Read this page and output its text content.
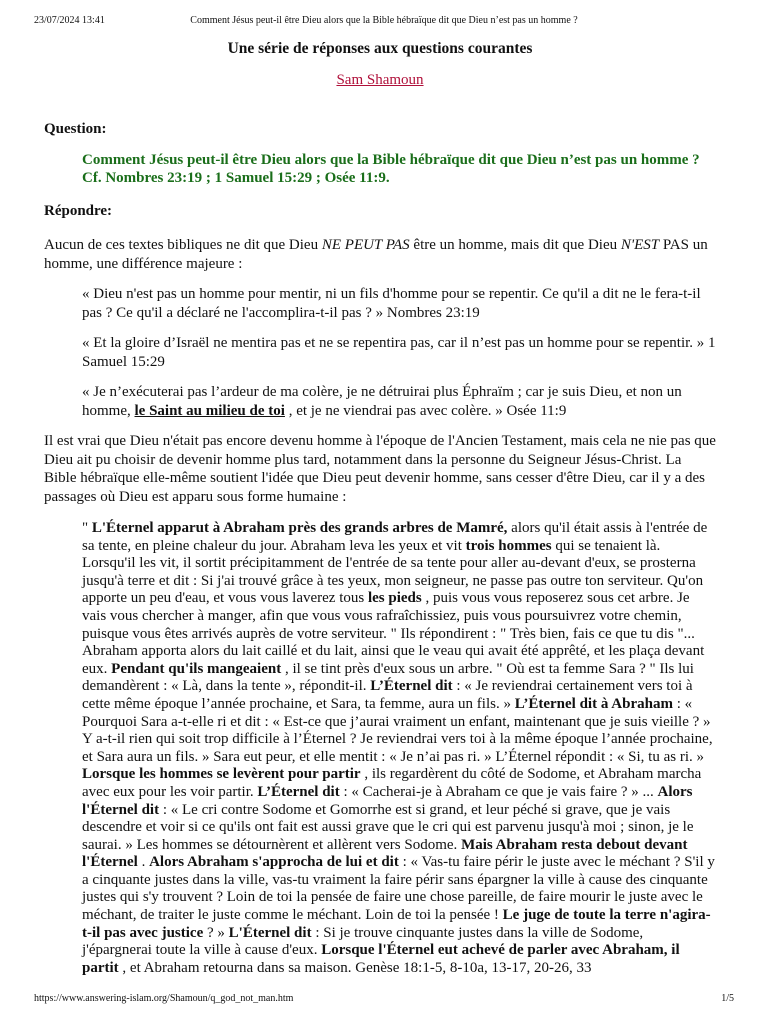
23/07/2024 13:41	Comment Jésus peut-il être Dieu alors que la Bible hébraïque dit que Dieu n’est pas un homme ?

Une série de réponses aux questions courantes

Sam Shamoun

Question:

Comment Jésus peut-il être Dieu alors que la Bible hébraïque dit que Dieu n’est pas un homme ? Cf. Nombres 23:19 ; 1 Samuel 15:29 ; Osée 11:9.

Répondre:

Aucun de ces textes bibliques ne dit que Dieu NE PEUT PAS être un homme, mais dit que Dieu N'EST PAS un homme, une différence majeure :

« Dieu n'est pas un homme pour mentir, ni un fils d'homme pour se repentir. Ce qu'il a dit ne le fera-t-il pas ? Ce qu'il a déclaré ne l'accomplira-t-il pas ? » Nombres 23:19

« Et la gloire d’Israël ne mentira pas et ne se repentira pas, car il n’est pas un homme pour se repentir. » 1 Samuel 15:29

« Je n’exécuterai pas l’ardeur de ma colère, je ne détruirai plus Éphraïm ; car je suis Dieu, et non un homme, le Saint au milieu de toi , et je ne viendrai pas avec colère. » Osée 11:9

Il est vrai que Dieu n'était pas encore devenu homme à l'époque de l'Ancien Testament, mais cela ne nie pas que Dieu ait pu choisir de devenir homme plus tard, notamment dans la personne du Seigneur Jésus-Christ. La Bible hébraïque elle-même soutient l'idée que Dieu peut devenir homme, sans cesser d'être Dieu, car il y a des passages où Dieu est apparu sous forme humaine :

" L'Éternel apparut à Abraham près des grands arbres de Mamré, alors qu'il était assis à l'entrée de sa tente, en pleine chaleur du jour. Abraham leva les yeux et vit trois hommes qui se tenaient là. Lorsqu'il les vit, il sortit précipitamment de l'entrée de sa tente pour aller au-devant d'eux, se prosterna jusqu'à terre et dit : Si j'ai trouvé grâce à tes yeux, mon seigneur, ne passe pas outre ton serviteur. Qu'on apporte un peu d'eau, et vous vous laverez tous les pieds , puis vous vous reposerez sous cet arbre. Je vais vous chercher à manger, afin que vous vous rafraîchissiez, puis vous poursuivrez votre chemin, puisque vous êtes arrivés auprès de votre serviteur. " Ils répondirent : " Très bien, fais ce que tu dis "... Abraham apporta alors du lait caillé et du lait, ainsi que le veau qui avait été apprêté, et les plaça devant eux. Pendant qu'ils mangeaient , il se tint près d'eux sous un arbre. " Où est ta femme Sara ? " Ils lui demandèrent : « Là, dans la tente », répondit-il. L’Éternel dit : « Je reviendrai certainement vers toi à cette même époque l’année prochaine, et Sara, ta femme, aura un fils. » L’Éternel dit à Abraham : « Pourquoi Sara a-t-elle ri et dit : « Est-ce que j’aurai vraiment un enfant, maintenant que je suis vieille ? » Y a-t-il rien qui soit trop difficile à l’Éternel ? Je reviendrai vers toi à la même époque l’année prochaine, et Sara aura un fils. » Sara eut peur, et elle mentit : « Je n’ai pas ri. » L’Éternel répondit : « Si, tu as ri. » Lorsque les hommes se levèrent pour partir , ils regardèrent du côté de Sodome, et Abraham marcha avec eux pour les voir partir. L’Éternel dit : « Cacherai-je à Abraham ce que je vais faire ? » ... Alors l'Éternel dit : « Le cri contre Sodome et Gomorrhe est si grand, et leur péché si grave, que je vais descendre et voir si ce qu'ils ont fait est aussi grave que le cri qui est parvenu jusqu'à moi ; sinon, je le saurai. » Les hommes se détournèrent et allèrent vers Sodome. Mais Abraham resta debout devant l'Éternel . Alors Abraham s'approcha de lui et dit : « Vas-tu faire périr le juste avec le méchant ? S'il y a cinquante justes dans la ville, vas-tu vraiment la faire périr sans épargner la ville à cause des cinquante justes qui s'y trouvent ? Loin de toi la pensée de faire une chose pareille, de faire mourir le juste avec le méchant, de traiter le juste comme le méchant. Loin de toi la pensée ! Le juge de toute la terre n'agira-t-il pas avec justice ? » L'Éternel dit : Si je trouve cinquante justes dans la ville de Sodome, j'épargnerai toute la ville à cause d'eux. Lorsque l'Éternel eut achevé de parler avec Abraham, il partit , et Abraham retourna dans sa maison. Genèse 18:1-5, 8-10a, 13-17, 20-26, 33

https://www.answering-islam.org/Shamoun/q_god_not_man.htm	1/5
